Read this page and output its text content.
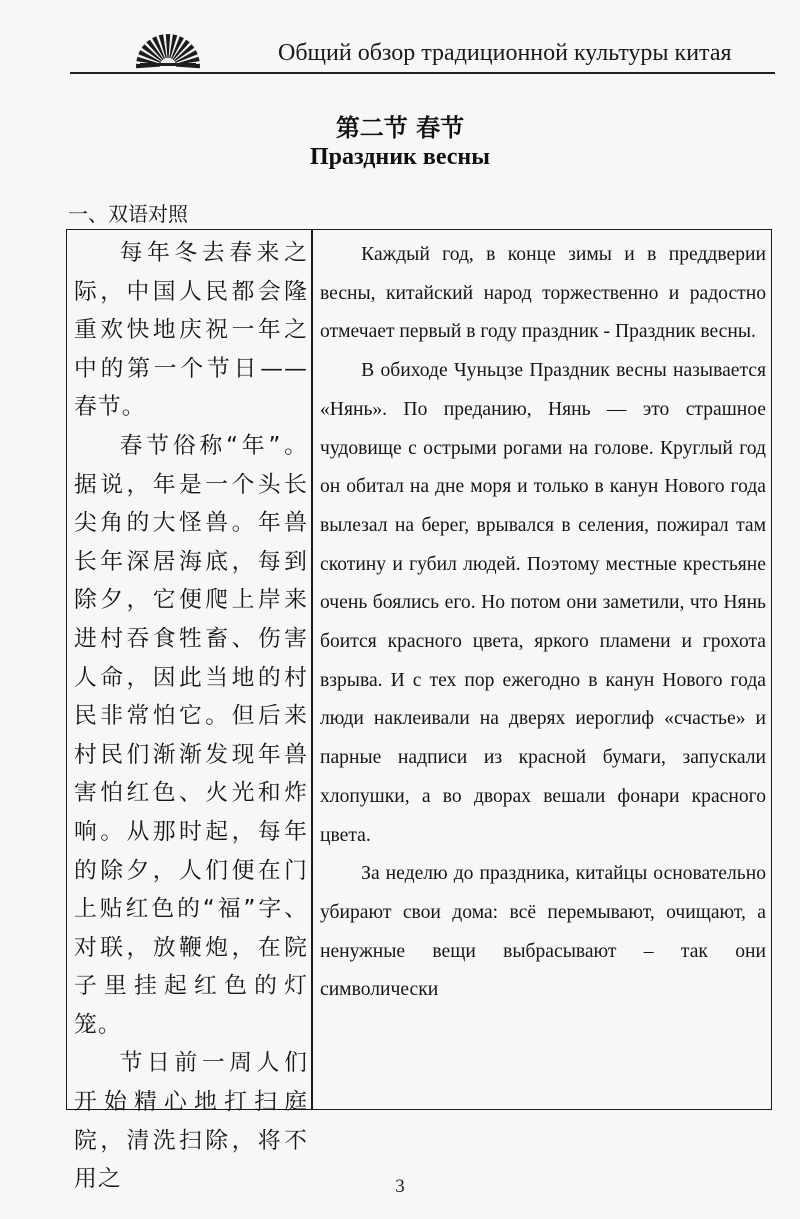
Общий обзор традиционной культуры китая
第二节 春节
Праздник весны
一、双语对照

每年冬去春来之际，中国人民都会隆重欢快地庆祝一年之中的第一个节日——春节。

春节俗称“年”。据说，年是一个头长尖角的大怪兽。年兽长年深居海底，每到除夕，它便爬上岸来进村吞食牲畜、伤害人命，因此当地的村民非常怕它。但后来村民们渐渐发现年兽害怕红色、火光和炸响。从那时起，每年的除夕，人们便在门上贴红色的“福”字、对联，放鞭炮，在院子里挂起红色的灯笼。

节日前一周人们开始精心地打扫庭院，清洗扫除，将不用之

Каждый год, в конце зимы и в преддверии весны, китайский народ торжественно и радостно отмечает первый в году праздник - Праздник весны.

В обиходе Чуньцзе Праздник весны называется «Нянь». По преданию, Нянь — это страшное чудовище с острыми рогами на голове. Круглый год он обитал на дне моря и только в канун Нового года вылезал на берег, врывался в селения, пожирал там скотину и губил людей. Поэтому местные крестьяне очень боялись его. Но потом они заметили, что Нянь боится красного цвета, яркого пламени и грохота взрыва. И с тех пор ежегодно в канун Нового года люди наклеивали на дверях иероглиф «счастье» и парные надписи из красной бумаги, запускали хлопушки, а во дворах вешали фонари красного цвета.

За неделю до праздника, китайцы основательно убирают свои дома: всё перемывают, очищают, а ненужные вещи выбрасывают – так они символически

3
